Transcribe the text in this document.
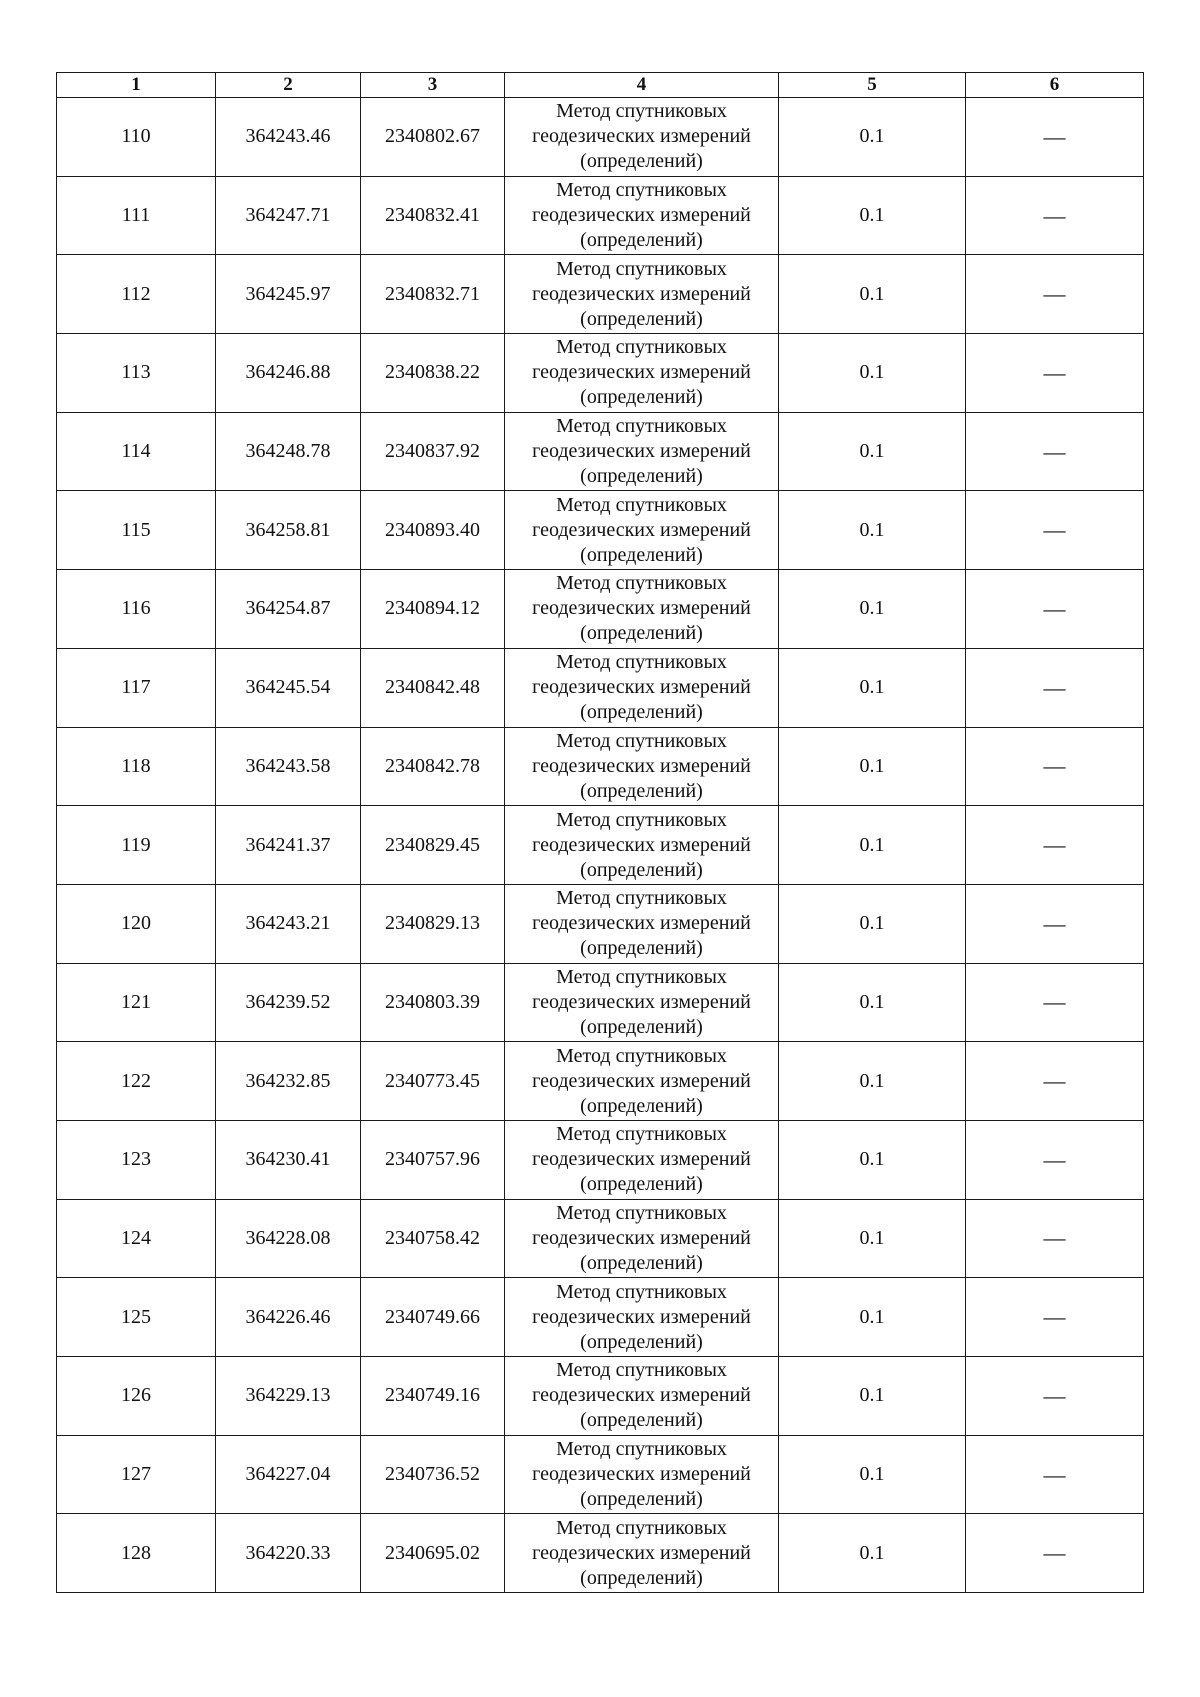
1	2	3	4	5	6
110	364243.46	2340802.67	Метод спутниковых
геодезических измерений
(определений)	0.1	—
111	364247.71	2340832.41	Метод спутниковых
геодезических измерений
(определений)	0.1	—
112	364245.97	2340832.71	Метод спутниковых
геодезических измерений
(определений)	0.1	—
113	364246.88	2340838.22	Метод спутниковых
геодезических измерений
(определений)	0.1	—
114	364248.78	2340837.92	Метод спутниковых
геодезических измерений
(определений)	0.1	—
115	364258.81	2340893.40	Метод спутниковых
геодезических измерений
(определений)	0.1	—
116	364254.87	2340894.12	Метод спутниковых
геодезических измерений
(определений)	0.1	—
117	364245.54	2340842.48	Метод спутниковых
геодезических измерений
(определений)	0.1	—
118	364243.58	2340842.78	Метод спутниковых
геодезических измерений
(определений)	0.1	—
119	364241.37	2340829.45	Метод спутниковых
геодезических измерений
(определений)	0.1	—
120	364243.21	2340829.13	Метод спутниковых
геодезических измерений
(определений)	0.1	—
121	364239.52	2340803.39	Метод спутниковых
геодезических измерений
(определений)	0.1	—
122	364232.85	2340773.45	Метод спутниковых
геодезических измерений
(определений)	0.1	—
123	364230.41	2340757.96	Метод спутниковых
геодезических измерений
(определений)	0.1	—
124	364228.08	2340758.42	Метод спутниковых
геодезических измерений
(определений)	0.1	—
125	364226.46	2340749.66	Метод спутниковых
геодезических измерений
(определений)	0.1	—
126	364229.13	2340749.16	Метод спутниковых
геодезических измерений
(определений)	0.1	—
127	364227.04	2340736.52	Метод спутниковых
геодезических измерений
(определений)	0.1	—
128	364220.33	2340695.02	Метод спутниковых
геодезических измерений
(определений)	0.1	—
